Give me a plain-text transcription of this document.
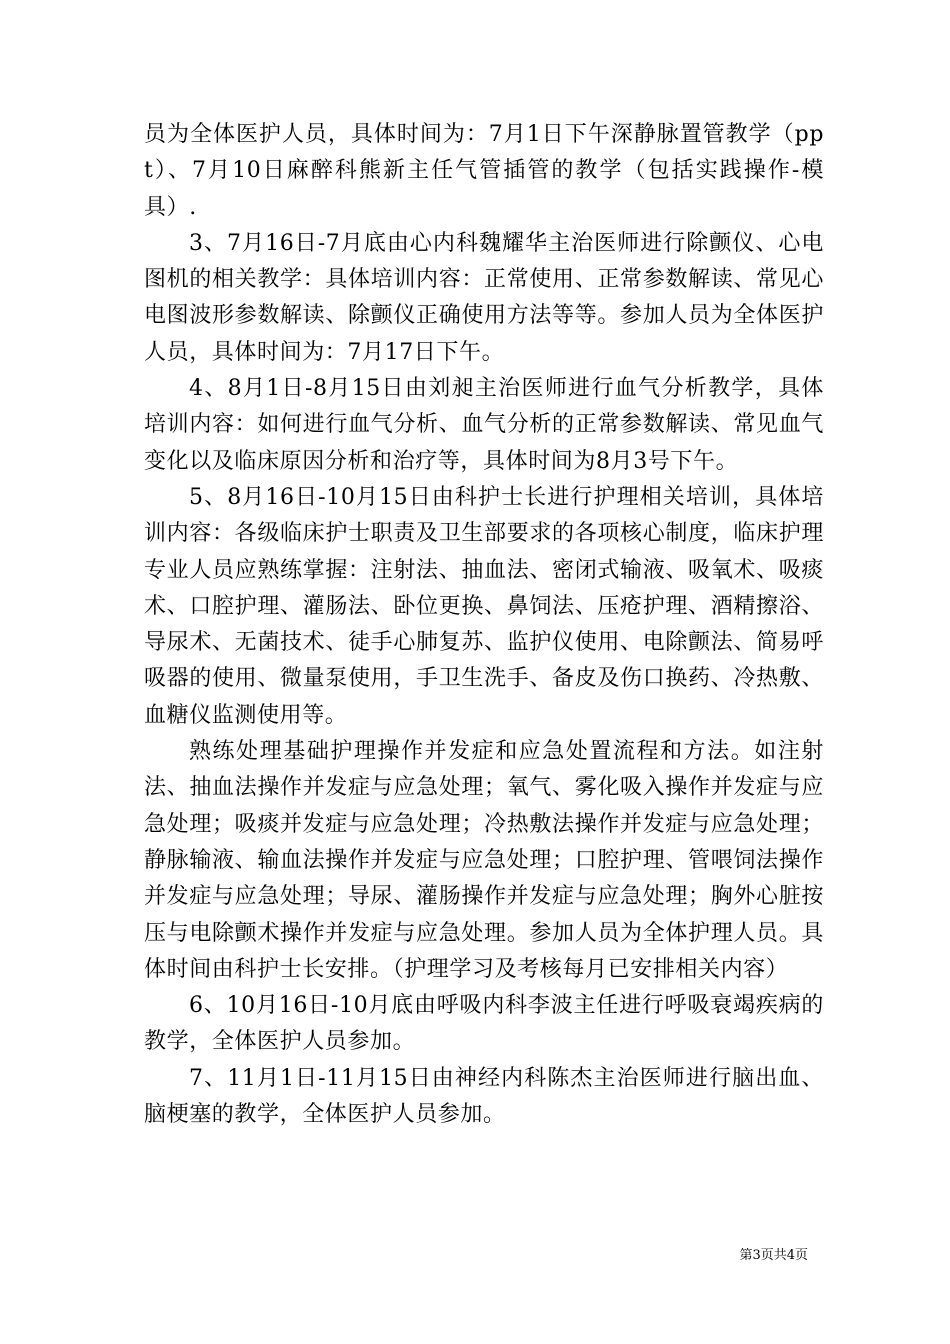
员为全体医护人员，具体时间为：7月1日下午深静脉置管教学（ppt）、7月10日麻醉科熊新主任气管插管的教学（包括实践操作-模具）.

3、7月16日-7月底由心内科魏耀华主治医师进行除颤仪、心电图机的相关教学：具体培训内容：正常使用、正常参数解读、常见心电图波形参数解读、除颤仪正确使用方法等等。参加人员为全体医护人员，具体时间为：7月17日下午。

4、8月1日-8月15日由刘昶主治医师进行血气分析教学，具体培训内容：如何进行血气分析、血气分析的正常参数解读、常见血气变化以及临床原因分析和治疗等，具体时间为8月3号下午。

5、8月16日-10月15日由科护士长进行护理相关培训，具体培训内容：各级临床护士职责及卫生部要求的各项核心制度，临床护理专业人员应熟练掌握：注射法、抽血法、密闭式输液、吸氧术、吸痰术、口腔护理、灌肠法、卧位更换、鼻饲法、压疮护理、酒精擦浴、导尿术、无菌技术、徒手心肺复苏、监护仪使用、电除颤法、简易呼吸器的使用、微量泵使用，手卫生洗手、备皮及伤口换药、冷热敷、血糖仪监测使用等。

熟练处理基础护理操作并发症和应急处置流程和方法。如注射法、抽血法操作并发症与应急处理；氧气、雾化吸入操作并发症与应急处理；吸痰并发症与应急处理；冷热敷法操作并发症与应急处理；静脉输液、输血法操作并发症与应急处理；口腔护理、管喂饲法操作并发症与应急处理；导尿、灌肠操作并发症与应急处理；胸外心脏按压与电除颤术操作并发症与应急处理。参加人员为全体护理人员。具体时间由科护士长安排。（护理学习及考核每月已安排相关内容）

6、10月16日-10月底由呼吸内科李波主任进行呼吸衰竭疾病的教学，全体医护人员参加。

7、11月1日-11月15日由神经内科陈杰主治医师进行脑出血、脑梗塞的教学，全体医护人员参加。

第3页共4页
